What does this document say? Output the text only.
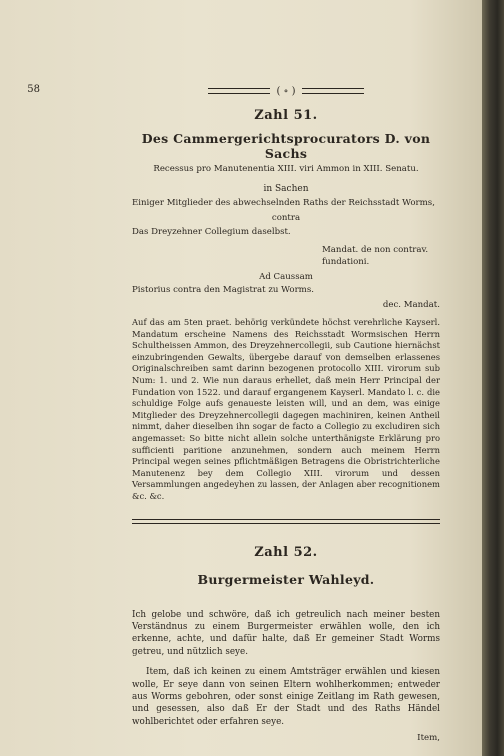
58	( ∘ )
Zahl 51.
Des Cammergerichtsprocurators D. von Sachs
Recessus pro Manutenentia XIII. viri Ammon in XIII. Senatu.
in Sachen
Einiger Mitglieder des abwechselnden Raths der Reichsstadt Worms,
contra
Das Dreyzehner Collegium daselbst.
Mandat. de non contrav. fundationi.
Ad Caussam
Pistorius contra den Magistrat zu Worms.
dec. Mandat.
Auf das am 5ten praet. behörig verkündete höchst verehrliche Kayserl. Mandatum erscheine Namens des Reichsstadt Wormsischen Herrn Schultheissen Ammon, des Dreyzehnercollegii, sub Cautione hiernächst einzubringenden Gewalts, übergebe darauf von demselben erlassenes Originalschreiben samt darinn bezogenen protocollo XIII. virorum sub Num: 1. und 2. Wie nun daraus erhellet, daß mein Herr Principal der Fundation von 1522. und darauf ergangenem Kayserl. Mandato l. c. die schuldige Folge aufs genaueste leisten will, und an dem, was einige Mitglieder des Dreyzehnercollegii dagegen machiniren, keinen Antheil nimmt, daher dieselben ihn sogar de facto a Collegio zu excludiren sich angemasset: So bitte nicht allein solche unterthänigste Erklärung pro sufficienti paritione anzunehmen, sondern auch meinem Herrn Principal wegen seines pflichtmäßigen Betragens die Obristrichterliche Manutenenz bey dem Collegio XIII. virorum und dessen Versammlungen angedeyhen zu lassen, der Anlagen aber recognitionem &c. &c.
Zahl 52.
Burgermeister Wahleyd.
Ich gelobe und schwöre, daß ich getreulich nach meiner besten Verständnus zu einem Burgermeister erwählen wolle, den ich erkenne, achte, und dafür halte, daß Er gemeiner Stadt Worms getreu, und nützlich seye.
Item, daß ich keinen zu einem Amtsträger erwählen und kiesen wolle, Er seye dann von seinen Eltern wohlherkommen; entweder aus Worms gebohren, oder sonst einige Zeitlang im Rath gewesen, und gesessen, also daß Er der Stadt und des Raths Händel wohlberichtet oder erfahren seye.
Item,
